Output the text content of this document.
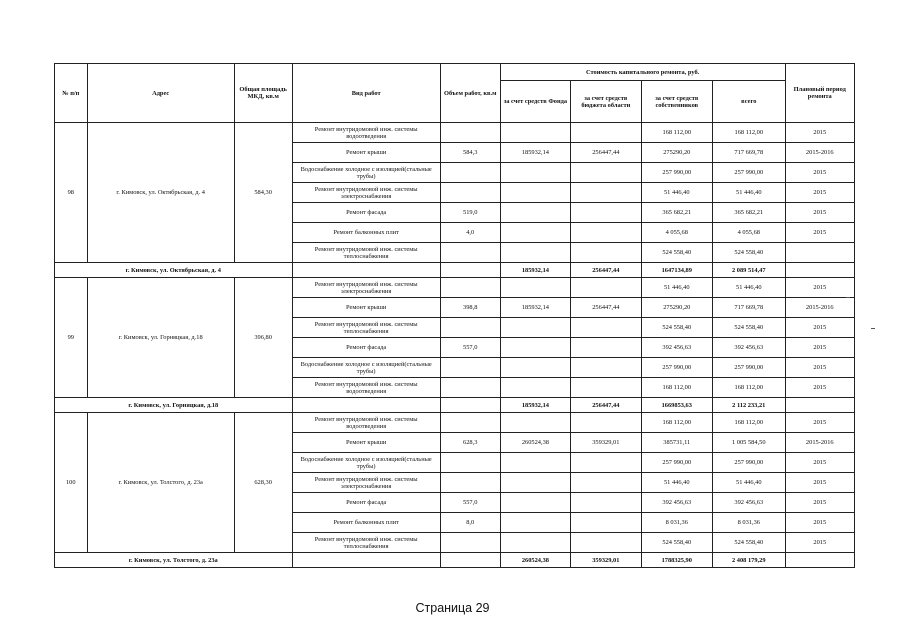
№ п/п	Адрес	Общая площадь МКД, кв.м	Вид работ	Объем работ, кв.м	Стоимость капитального ремонта, руб.				Плановый период ремонта
					за счет средств Фонда	за счет средств бюджета области	за счет средств собственников	всего	
98	г. Кимовск, ул. Октябрьская, д. 4	584,30	Ремонт внутридомовой инж. системы водоотведения				168 112,00	168 112,00	2015
			Ремонт крыши	584,3	185932,14	256447,44	275290,20	717 669,78	2015-2016
			Водоснабжение холодное с изоляцией(стальные трубы)				257 990,00	257 990,00	2015
			Ремонт внутридомовой инж. системы электроснабжения				51 446,40	51 446,40	2015
			Ремонт фасада	519,0			365 682,21	365 682,21	2015
			Ремонт балконных плит	4,0			4 055,68	4 055,68	2015
			Ремонт внутридомовой инж. системы теплоснабжения				524 558,40	524 558,40	
г. Кимовск, ул. Октябрьская, д. 4					185932,14	256447,44	1647134,89	2 089 514,47	
99	г. Кимовск, ул. Горняцкая, д.18	396,80	Ремонт внутридомовой инж. системы электроснабжения				51 446,40	51 446,40	2015
			Ремонт крыши	398,8	185932,14	256447,44	275290,20	717 669,78	2015-2016
			Ремонт внутридомовой инж. системы теплоснабжения				524 558,40	524 558,40	2015
			Ремонт фасада	557,0			392 456,63	392 456,63	2015
			Водоснабжение холодное с изоляцией(стальные трубы)				257 990,00	257 990,00	2015
			Ремонт внутридомовой инж. системы водоотведения				168 112,00	168 112,00	2015
г. Кимовск, ул. Горняцкая, д.18					185932,14	256447,44	1669853,63	2 112 233,21	
100	г. Кимовск, ул. Толстого, д. 23а	628,30	Ремонт внутридомовой инж. системы водоотведения				168 112,00	168 112,00	2015
			Ремонт крыши	628,3	260524,38	359329,01	385731,11	1 005 584,50	2015-2016
			Водоснабжение холодное с изоляцией(стальные трубы)				257 990,00	257 990,00	2015
			Ремонт внутридомовой инж. системы электроснабжения				51 446,40	51 446,40	2015
			Ремонт фасада	557,0			392 456,63	392 456,63	2015
			Ремонт балконных плит	8,0			8 031,36	8 031,36	2015
			Ремонт внутридомовой инж. системы теплоснабжения				524 558,40	524 558,40	2015
г. Кимовск, ул. Толстого, д. 23а					260524,38	359329,01	1788325,90	2 408 179,29	
Страница 29
